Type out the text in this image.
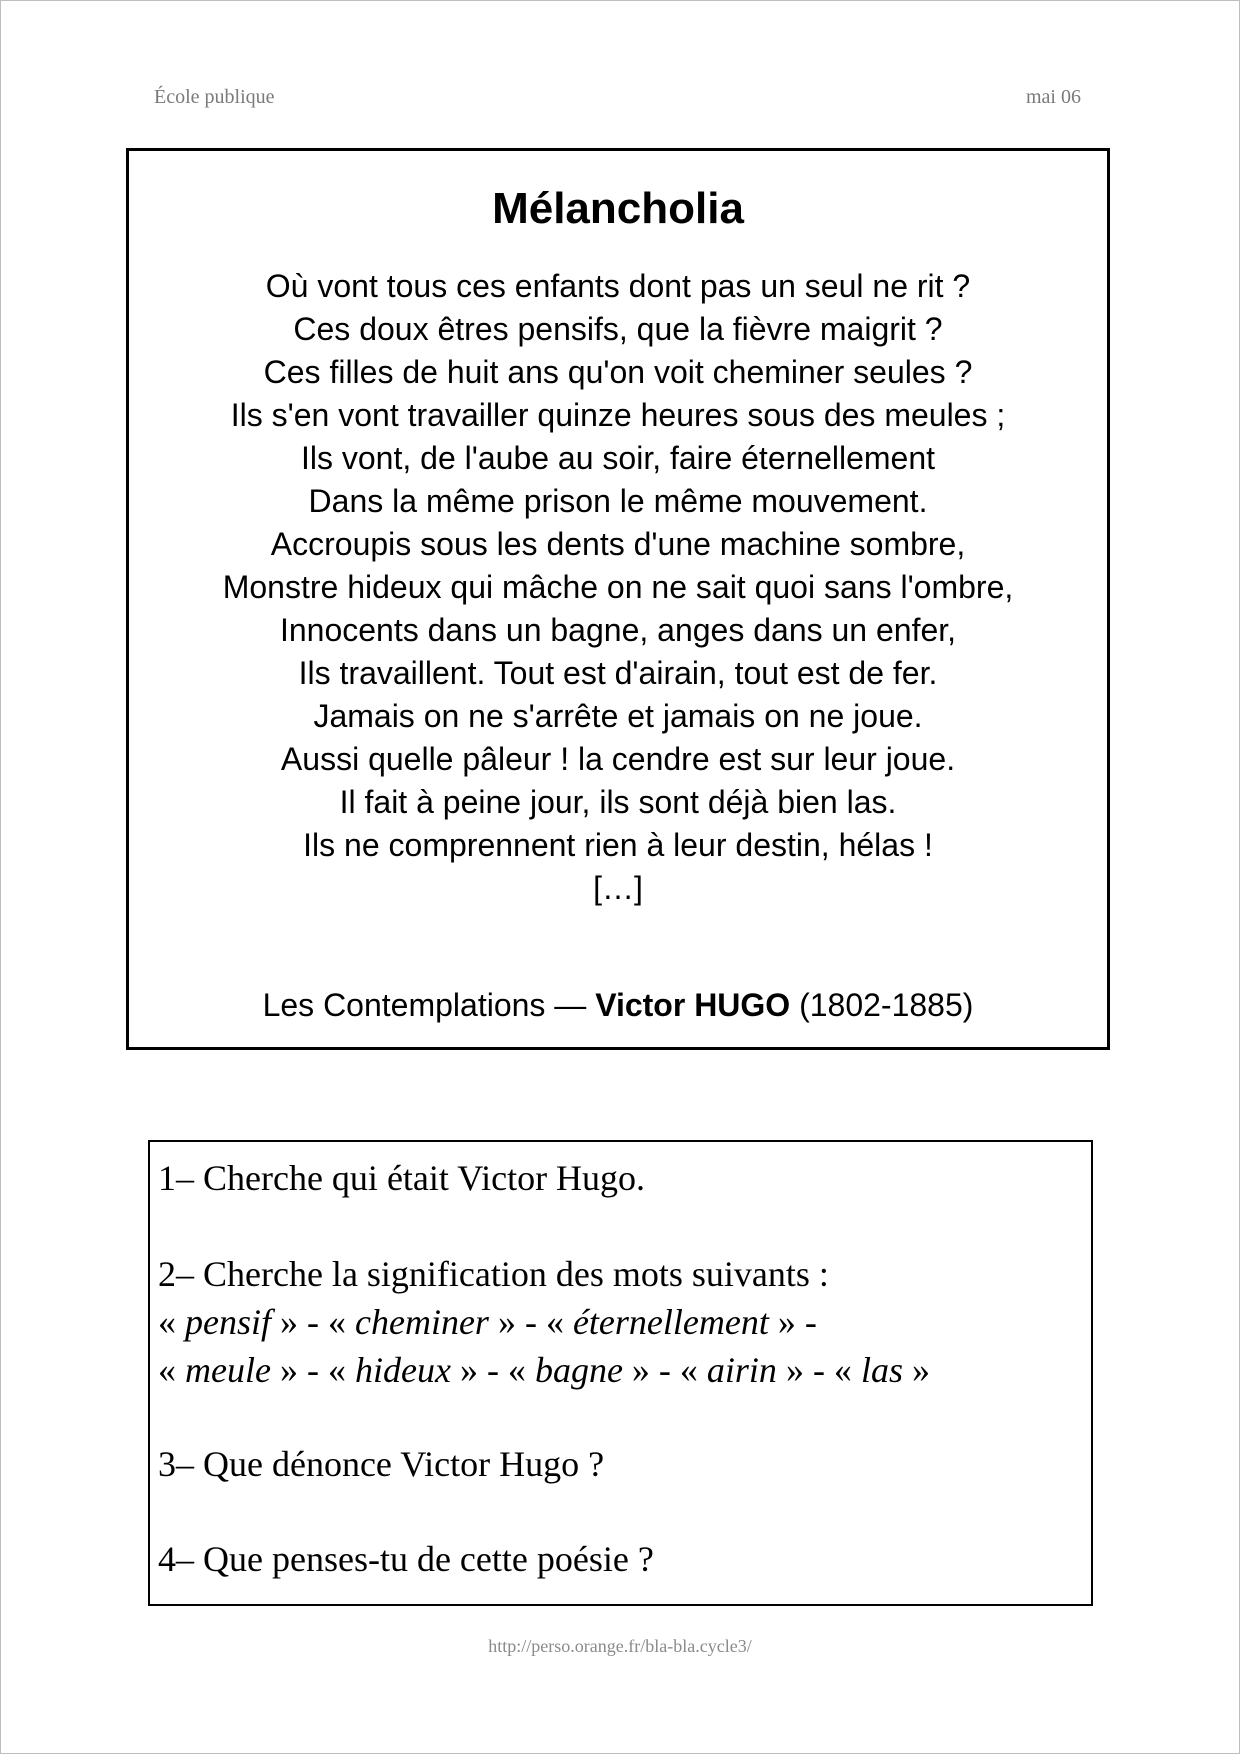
École publique	mai 06
Mélancholia
Où vont tous ces enfants dont pas un seul ne rit ?
Ces doux êtres pensifs, que la fièvre maigrit ?
Ces filles de huit ans qu'on voit cheminer seules ?
Ils s'en vont travailler quinze heures sous des meules ;
Ils vont, de l'aube au soir, faire éternellement
Dans la même prison le même mouvement.
Accroupis sous les dents d'une machine sombre,
Monstre hideux qui mâche on ne sait quoi sans l'ombre,
Innocents dans un bagne, anges dans un enfer,
Ils travaillent. Tout est d'airain, tout est de fer.
Jamais on ne s'arrête et jamais on ne joue.
Aussi quelle pâleur ! la cendre est sur leur joue.
Il fait à peine jour, ils sont déjà bien las.
Ils ne comprennent rien à leur destin, hélas !
[…]
Les Contemplations — Victor HUGO (1802-1885)
1– Cherche qui était Victor Hugo.
2– Cherche la signification des mots suivants :
« pensif » - « cheminer » - « éternellement » -
« meule » - « hideux » - « bagne » - « airin » - « las »
3– Que dénonce Victor Hugo ?
4– Que penses-tu de cette poésie ?
http://perso.orange.fr/bla-bla.cycle3/
